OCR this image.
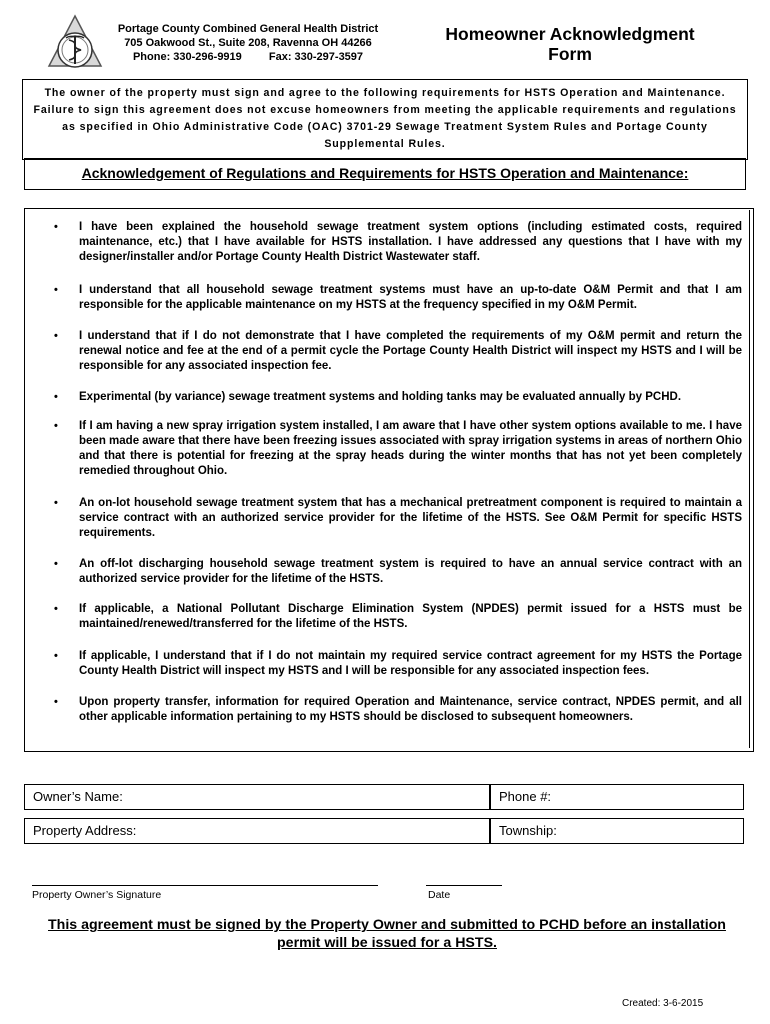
Portage County Combined General Health District
705 Oakwood St., Suite 208, Ravenna OH 44266
Phone: 330-296-9919 Fax: 330-297-3597
Homeowner Acknowledgment
Form
The owner of the property must sign and agree to the following requirements for HSTS Operation and Maintenance. Failure to sign this agreement does not excuse homeowners from meeting the applicable requirements and regulations as specified in Ohio Administrative Code (OAC) 3701-29 Sewage Treatment System Rules and Portage County Supplemental Rules.
Acknowledgement of Regulations and Requirements for HSTS Operation and Maintenance:
• I have been explained the household sewage treatment system options (including estimated costs, required maintenance, etc.) that I have available for HSTS installation. I have addressed any questions that I have with my designer/installer and/or Portage County Health District Wastewater staff.
• I understand that all household sewage treatment systems must have an up-to-date O&M Permit and that I am responsible for the applicable maintenance on my HSTS at the frequency specified in my O&M Permit.
• I understand that if I do not demonstrate that I have completed the requirements of my O&M permit and return the renewal notice and fee at the end of a permit cycle the Portage County Health District will inspect my HSTS and I will be responsible for any associated inspection fee.
• Experimental (by variance) sewage treatment systems and holding tanks may be evaluated annually by PCHD.
• If I am having a new spray irrigation system installed, I am aware that I have other system options available to me. I have been made aware that there have been freezing issues associated with spray irrigation systems in areas of northern Ohio and that there is potential for freezing at the spray heads during the winter months that has not yet been completely remedied throughout Ohio.
• An on-lot household sewage treatment system that has a mechanical pretreatment component is required to maintain a service contract with an authorized service provider for the lifetime of the HSTS. See O&M Permit for specific HSTS requirements.
• An off-lot discharging household sewage treatment system is required to have an annual service contract with an authorized service provider for the lifetime of the HSTS.
• If applicable, a National Pollutant Discharge Elimination System (NPDES) permit issued for a HSTS must be maintained/renewed/transferred for the lifetime of the HSTS.
• If applicable, I understand that if I do not maintain my required service contract agreement for my HSTS the Portage County Health District will inspect my HSTS and I will be responsible for any associated inspection fees.
• Upon property transfer, information for required Operation and Maintenance, service contract, NPDES permit, and all other applicable information pertaining to my HSTS should be disclosed to subsequent homeowners.
Owner’s Name:	Phone #:
Property Address:	Township:
Property Owner’s Signature	Date
This agreement must be signed by the Property Owner and submitted to PCHD before an installation permit will be issued for a HSTS.
Created: 3-6-2015
